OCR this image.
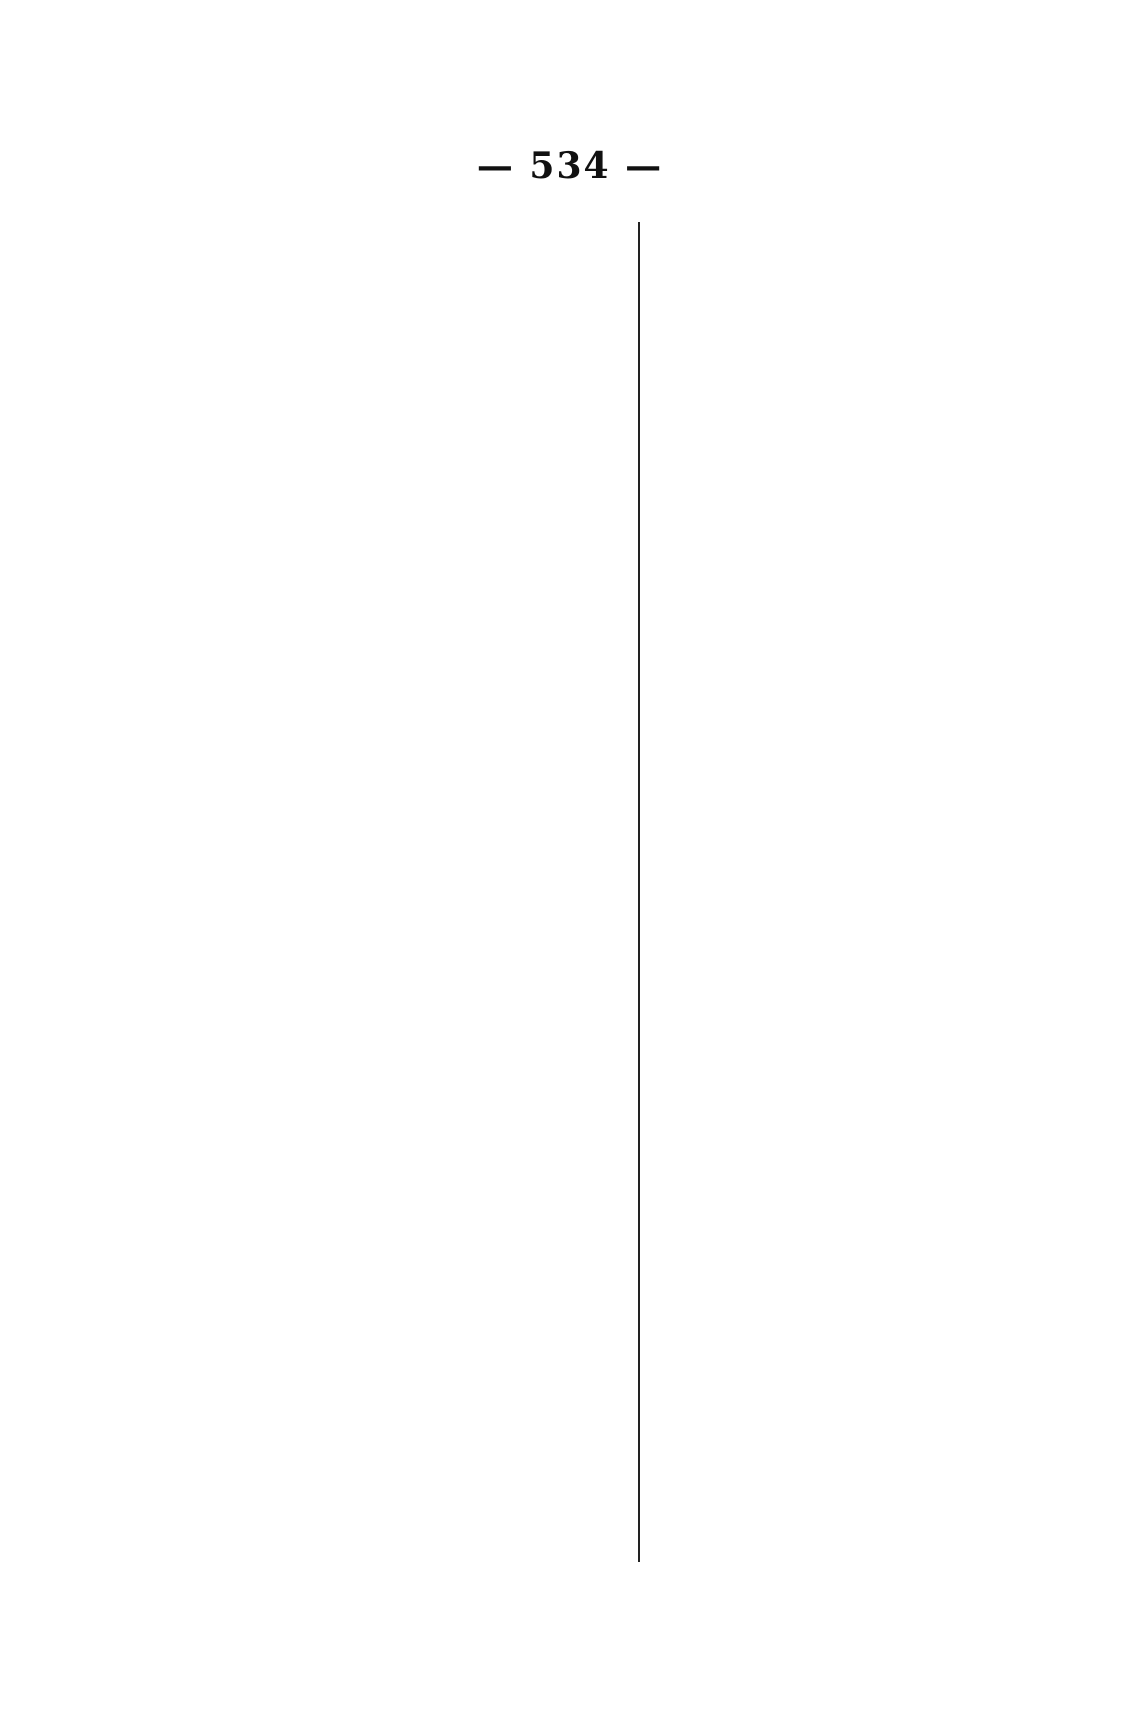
— 534 —
